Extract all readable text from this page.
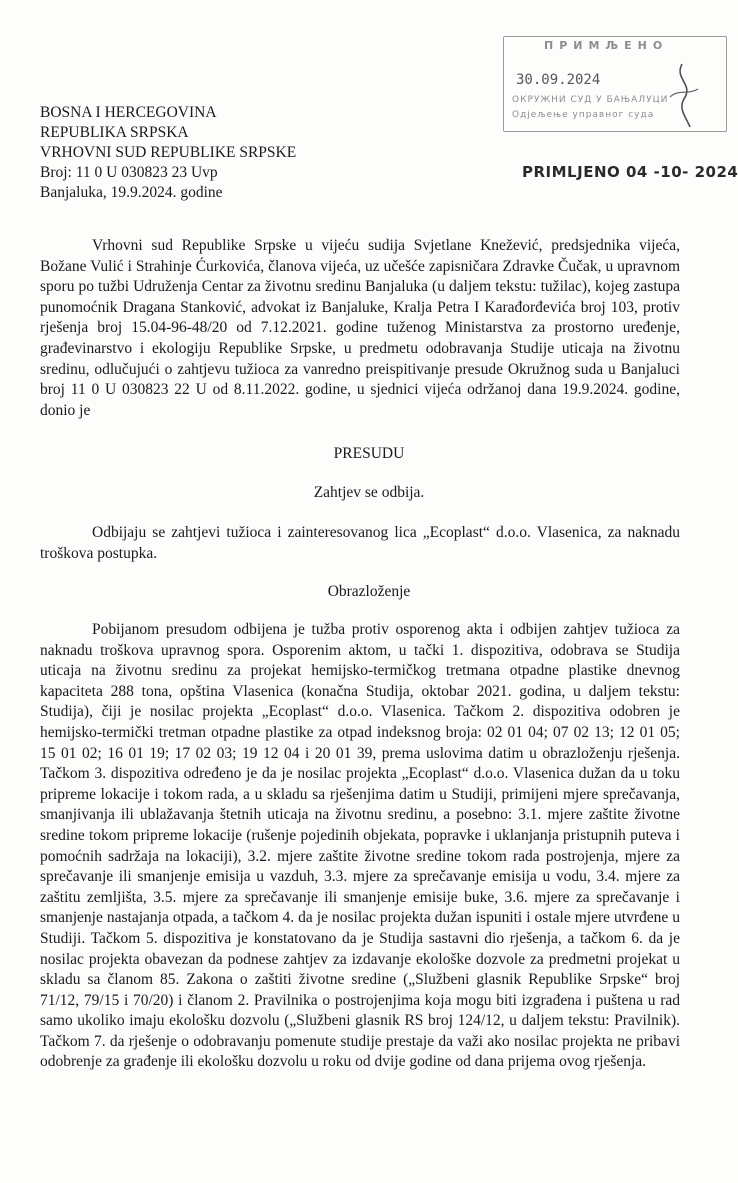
ПРИМЉЕНО
30.09.2024
ОКРУЖНИ СУД У БАЊАЛУЦИ
Одјељење управног суда
PRIMLJENO 04 -10- 2024
BOSNA I HERCEGOVINA
REPUBLIKA SRPSKA
VRHOVNI SUD REPUBLIKE SRPSKE
Broj: 11 0 U 030823 23 Uvp
Banjaluka, 19.9.2024. godine

Vrhovni sud Republike Srpske u vijeću sudija Svjetlane Knežević, predsjednika vijeća, Božane Vulić i Strahinje Ćurkovića, članova vijeća, uz učešće zapisničara Zdravke Čučak, u upravnom sporu po tužbi Udruženja Centar za životnu sredinu Banjaluka (u daljem tekstu: tužilac), kojeg zastupa punomoćnik Dragana Stanković, advokat iz Banjaluke, Kralja Petra I Karađorđevića broj 103, protiv rješenja broj 15.04-96-48/20 od 7.12.2021. godine tuženog Ministarstva za prostorno uređenje, građevinarstvo i ekologiju Republike Srpske, u predmetu odobravanja Studije uticaja na životnu sredinu, odlučujući o zahtjevu tužioca za vanredno preispitivanje presude Okružnog suda u Banjaluci broj 11 0 U 030823 22 U od 8.11.2022. godine, u sjednici vijeća održanoj dana 19.9.2024. godine, donio je

PRESUDU
Zahtjev se odbija.

Odbijaju se zahtjevi tužioca i zainteresovanog lica „Ecoplast“ d.o.o. Vlasenica, za naknadu troškova postupka.

Obrazloženje

Pobijanom presudom odbijena je tužba protiv osporenog akta i odbijen zahtjev tužioca za naknadu troškova upravnog spora. Osporenim aktom, u tački 1. dispozitiva, odobrava se Studija uticaja na životnu sredinu za projekat hemijsko-termičkog tretmana otpadne plastike dnevnog kapaciteta 288 tona, opština Vlasenica (konačna Studija, oktobar 2021. godina, u daljem tekstu: Studija), čiji je nosilac projekta „Ecoplast“ d.o.o. Vlasenica. Tačkom 2. dispozitiva odobren je hemijsko-termički tretman otpadne plastike za otpad indeksnog broja: 02 01 04; 07 02 13; 12 01 05; 15 01 02; 16 01 19; 17 02 03; 19 12 04 i 20 01 39, prema uslovima datim u obrazloženju rješenja. Tačkom 3. dispozitiva određeno je da je nosilac projekta „Ecoplast“ d.o.o. Vlasenica dužan da u toku pripreme lokacije i tokom rada, a u skladu sa rješenjima datim u Studiji, primijeni mjere sprečavanja, smanjivanja ili ublažavanja štetnih uticaja na životnu sredinu, a posebno: 3.1. mjere zaštite životne sredine tokom pripreme lokacije (rušenje pojedinih objekata, popravke i uklanjanja pristupnih puteva i pomoćnih sadržaja na lokaciji), 3.2. mjere zaštite životne sredine tokom rada postrojenja, mjere za sprečavanje ili smanjenje emisija u vazduh, 3.3. mjere za sprečavanje emisija u vodu, 3.4. mjere za zaštitu zemljišta, 3.5. mjere za sprečavanje ili smanjenje emisije buke, 3.6. mjere za sprečavanje i smanjenje nastajanja otpada, a tačkom 4. da je nosilac projekta dužan ispuniti i ostale mjere utvrđene u Studiji. Tačkom 5. dispozitiva je konstatovano da je Studija sastavni dio rješenja, a tačkom 6. da je nosilac projekta obavezan da podnese zahtjev za izdavanje ekološke dozvole za predmetni projekat u skladu sa članom 85. Zakona o zaštiti životne sredine („Službeni glasnik Republike Srpske“ broj 71/12, 79/15 i 70/20) i članom 2. Pravilnika o postrojenjima koja mogu biti izgrađena i puštena u rad samo ukoliko imaju ekološku dozvolu („Službeni glasnik RS broj 124/12, u daljem tekstu: Pravilnik). Tačkom 7. da rješenje o odobravanju pomenute studije prestaje da važi ako nosilac projekta ne pribavi odobrenje za građenje ili ekološku dozvolu u roku od dvije godine od dana prijema ovog rješenja.
